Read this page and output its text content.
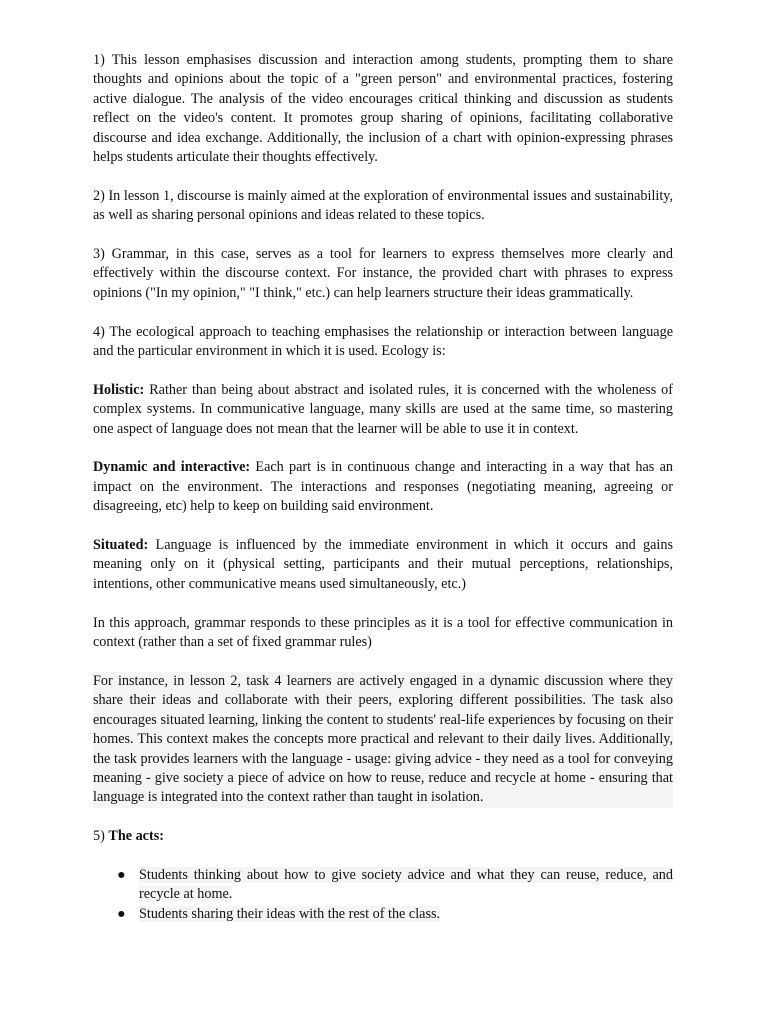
1) This lesson emphasises discussion and interaction among students, prompting them to share thoughts and opinions about the topic of a "green person" and environmental practices, fostering active dialogue. The analysis of the video encourages critical thinking and discussion as students reflect on the video's content. It promotes group sharing of opinions, facilitating collaborative discourse and idea exchange. Additionally, the inclusion of a chart with opinion-expressing phrases helps students articulate their thoughts effectively.

2) In lesson 1, discourse is mainly aimed at the exploration of environmental issues and sustainability, as well as sharing personal opinions and ideas related to these topics.

3) Grammar, in this case, serves as a tool for learners to express themselves more clearly and effectively within the discourse context. For instance, the provided chart with phrases to express opinions ("In my opinion," "I think," etc.) can help learners structure their ideas grammatically.

4) The ecological approach to teaching emphasises the relationship or interaction between language and the particular environment in which it is used. Ecology is:

Holistic: Rather than being about abstract and isolated rules, it is concerned with the wholeness of complex systems. In communicative language, many skills are used at the same time, so mastering one aspect of language does not mean that the learner will be able to use it in context.

Dynamic and interactive: Each part is in continuous change and interacting in a way that has an impact on the environment. The interactions and responses (negotiating meaning, agreeing or disagreeing, etc) help to keep on building said environment.

Situated: Language is influenced by the immediate environment in which it occurs and gains meaning only on it (physical setting, participants and their mutual perceptions, relationships, intentions, other communicative means used simultaneously, etc.)

In this approach, grammar responds to these principles as it is a tool for effective communication in context (rather than a set of fixed grammar rules)

For instance, in lesson 2, task 4 learners are actively engaged in a dynamic discussion where they share their ideas and collaborate with their peers, exploring different possibilities. The task also encourages situated learning, linking the content to students' real-life experiences by focusing on their homes. This context makes the concepts more practical and relevant to their daily lives. Additionally, the task provides learners with the language - usage: giving advice - they need as a tool for conveying meaning - give society a piece of advice on how to reuse, reduce and recycle at home - ensuring that language is integrated into the context rather than taught in isolation.

5) The acts:

● Students thinking about how to give society advice and what they can reuse, reduce, and recycle at home.
● Students sharing their ideas with the rest of the class.
